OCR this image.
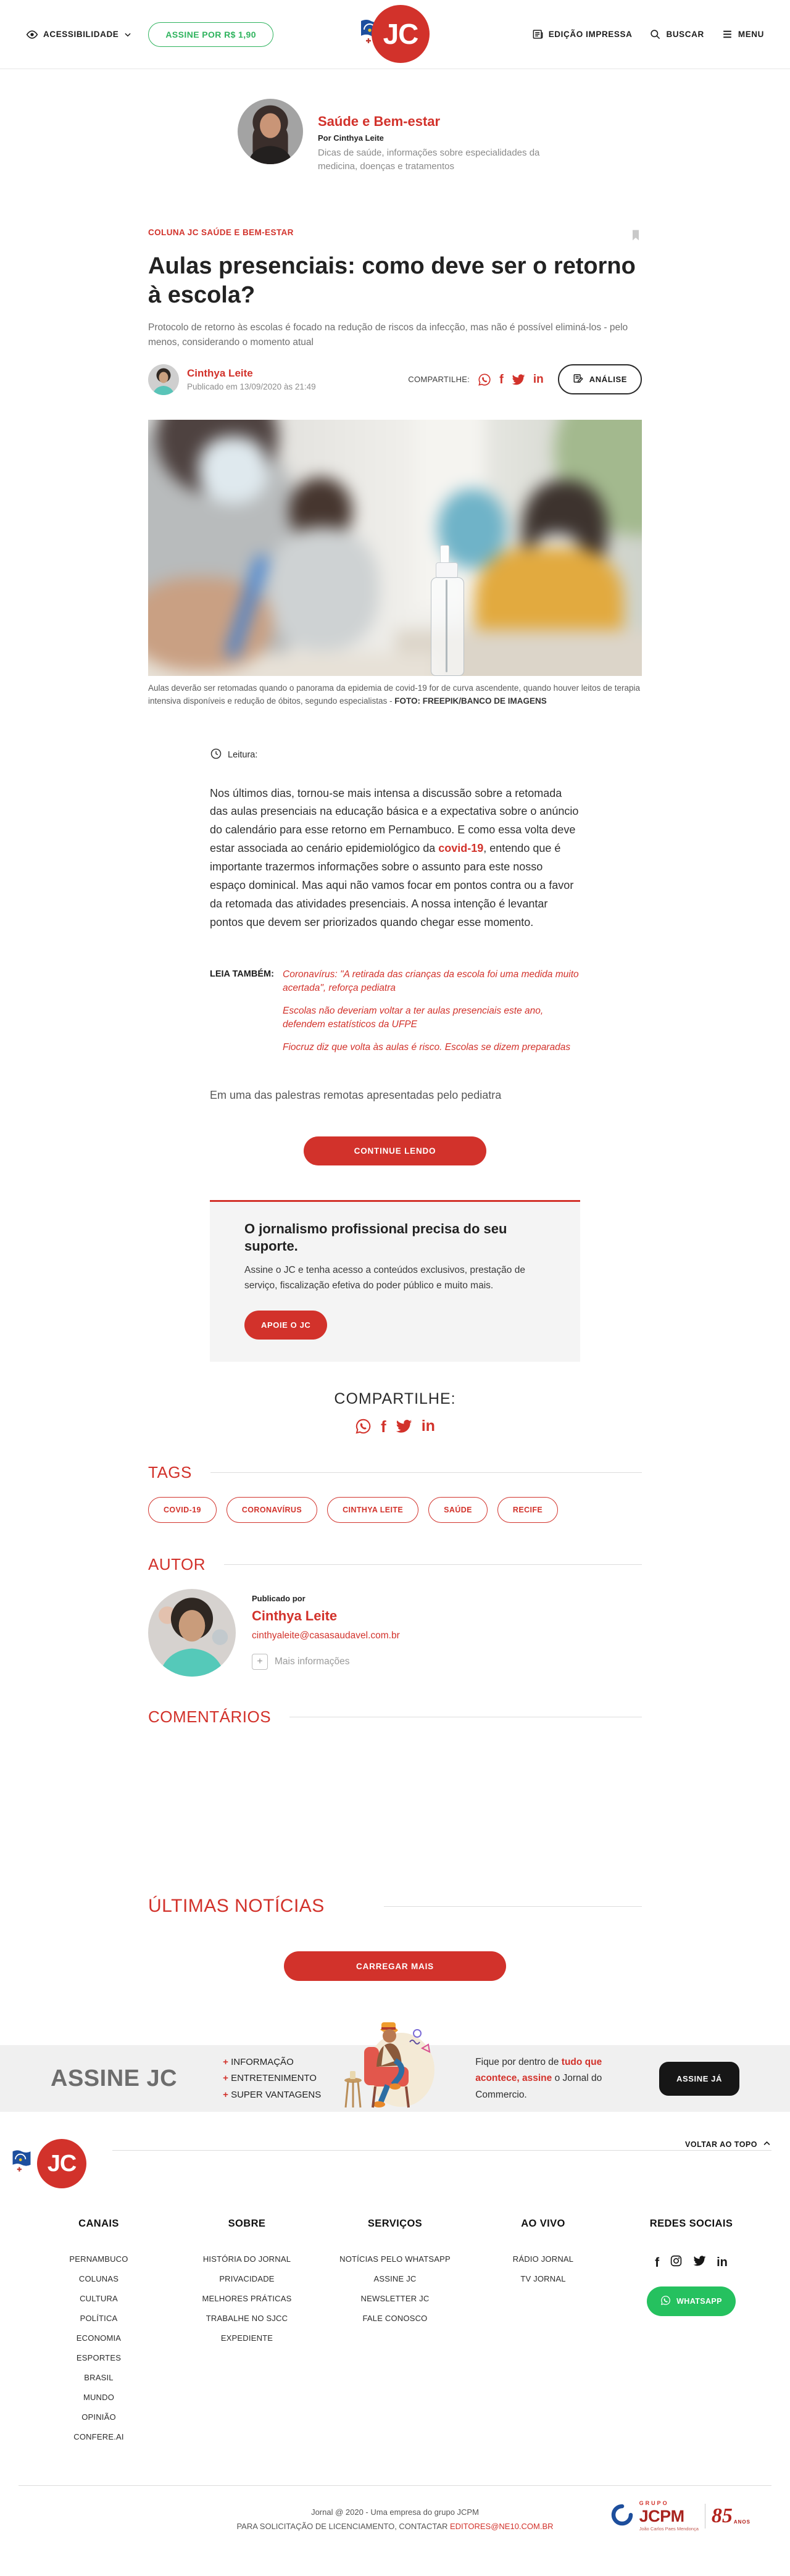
ACESSIBILIDADE	ASSINE POR R$ 1,90	JC	EDIÇÃO IMPRESSA	BUSCAR	MENU
Saúde e Bem-estar
Por Cinthya Leite
Dicas de saúde, informações sobre especialidades da medicina, doenças e tratamentos
COLUNA JC SAÚDE E BEM-ESTAR
Aulas presenciais: como deve ser o retorno à escola?

Protocolo de retorno às escolas é focado na redução de riscos da infecção, mas não é possível eliminá-los - pelo menos, considerando o momento atual

Cinthya Leite
Publicado em 13/09/2020 às 21:49
COMPARTILHE: f	in	ANÁLISE
Aulas deverão ser retomadas quando o panorama da epidemia de covid-19 for de curva ascendente, quando houver leitos de terapia intensiva disponíveis e redução de óbitos, segundo especialistas - FOTO: FREEPIK/BANCO DE IMAGENS
Leitura:

Nos últimos dias, tornou-se mais intensa a discussão sobre a retomada das aulas presenciais na educação básica e a expectativa sobre o anúncio do calendário para esse retorno em Pernambuco. E como essa volta deve estar associada ao cenário epidemiológico da covid-19, entendo que é importante trazermos informações sobre o assunto para este nosso espaço dominical. Mas aqui não vamos focar em pontos contra ou a favor da retomada das atividades presenciais. A nossa intenção é levantar pontos que devem ser priorizados quando chegar esse momento.

LEIA TAMBÉM: Coronavírus: "A retirada das crianças da escola foi uma medida muito acertada", reforça pediatra
Escolas não deveriam voltar a ter aulas presenciais este ano, defendem estatísticos da UFPE
Fiocruz diz que volta às aulas é risco. Escolas se dizem preparadas

Em uma das palestras remotas apresentadas pelo pediatra

CONTINUE LENDO
O jornalismo profissional precisa do seu suporte.

Assine o JC e tenha acesso a conteúdos exclusivos, prestação de serviço, fiscalização efetiva do poder público e muito mais.

APOIE O JC
COMPARTILHE:
f in
TAGS
COVID-19	CORONAVÍRUS	CINTHYA LEITE	SAÚDE	RECIFE
AUTOR
Publicado por
Cinthya Leite
cinthyaleite@casasaudavel.com.br
+	Mais informações
COMENTÁRIOS
ÚLTIMAS NOTÍCIAS
CARREGAR MAIS
ASSINE JC
+ INFORMAÇÃO
+ ENTRETENIMENTO
+ SUPER VANTAGENS
Fique por dentro de tudo que acontece, assine o Jornal do Commercio.
ASSINE JÁ
JC
VOLTAR AO TOPO
CANAIS
PERNAMBUCO
COLUNAS
CULTURA
POLÍTICA
ECONOMIA
ESPORTES
BRASIL
MUNDO
OPINIÃO
CONFERE.AI
SOBRE
HISTÓRIA DO JORNAL
PRIVACIDADE
MELHORES PRÁTICAS
TRABALHE NO SJCC
EXPEDIENTE
SERVIÇOS
NOTÍCIAS PELO WHATSAPP
ASSINE JC
NEWSLETTER JC
FALE CONOSCO
AO VIVO
RÁDIO JORNAL
TV JORNAL
REDES SOCIAIS
f	in
WHATSAPP
Jornal @ 2020 - Uma empresa do grupo JCPM
PARA SOLICITAÇÃO DE LICENCIAMENTO, CONTACTAR EDITORES@NE10.COM.BR
GRUPO
JCPM
João Carlos Paes Mendonça
85 ANOS
